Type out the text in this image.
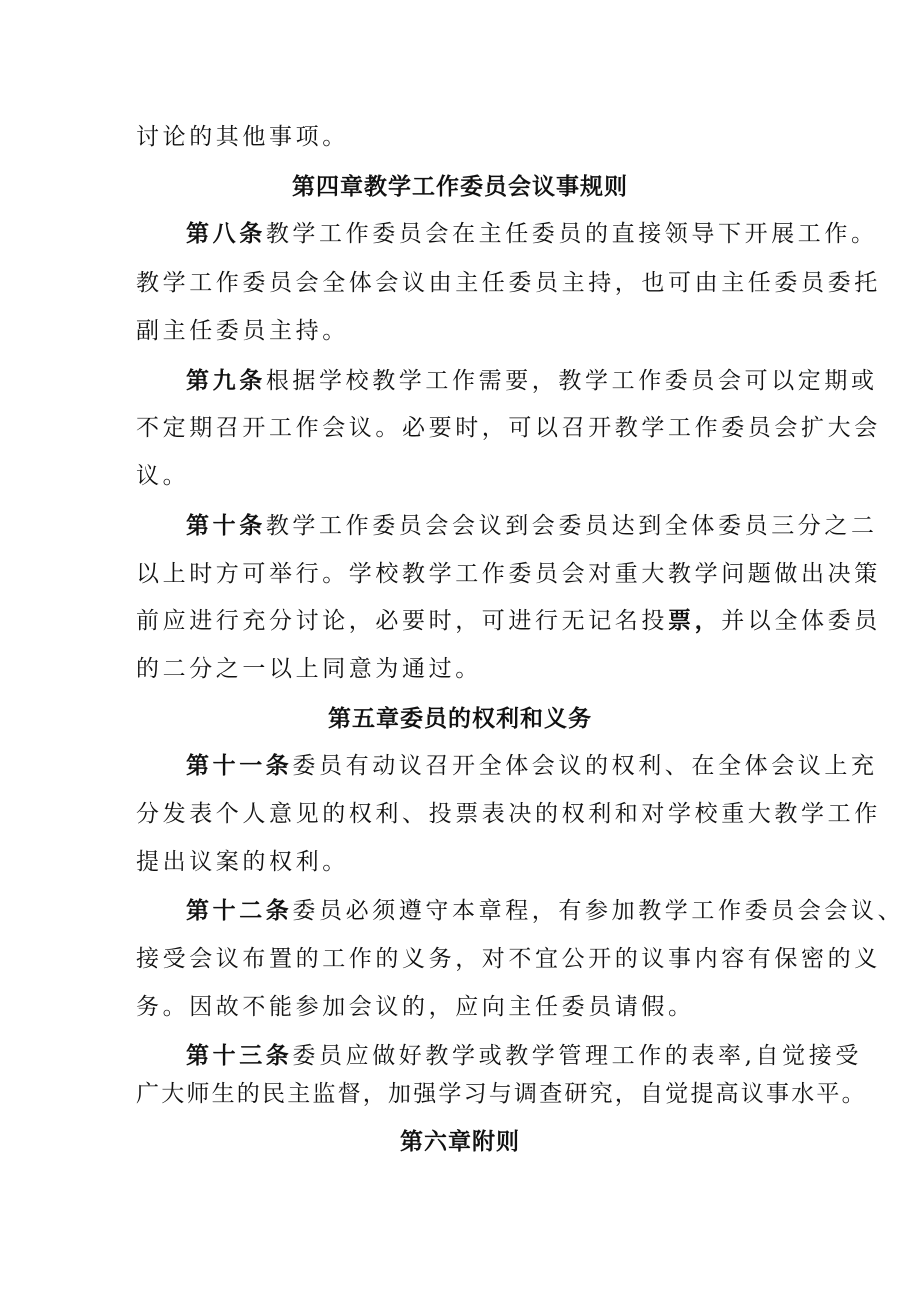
讨论的其他事项。
第四章教学工作委员会议事规则
第八条教学工作委员会在主任委员的直接领导下开展工作。
教学工作委员会全体会议由主任委员主持，也可由主任委员委托
副主任委员主持。
第九条根据学校教学工作需要，教学工作委员会可以定期或
不定期召开工作会议。必要时，可以召开教学工作委员会扩大会
议。
第十条教学工作委员会会议到会委员达到全体委员三分之二
以上时方可举行。学校教学工作委员会对重大教学问题做出决策
前应进行充分讨论，必要时，可进行无记名投票，并以全体委员
的二分之一以上同意为通过。
第五章委员的权利和义务
第十一条委员有动议召开全体会议的权利、在全体会议上充
分发表个人意见的权利、投票表决的权利和对学校重大教学工作
提出议案的权利。
第十二条委员必须遵守本章程，有参加教学工作委员会会议、
接受会议布置的工作的义务，对不宜公开的议事内容有保密的义
务。因故不能参加会议的，应向主任委员请假。
第十三条委员应做好教学或教学管理工作的表率,自觉接受
广大师生的民主监督，加强学习与调查研究，自觉提高议事水平。
第六章附则
